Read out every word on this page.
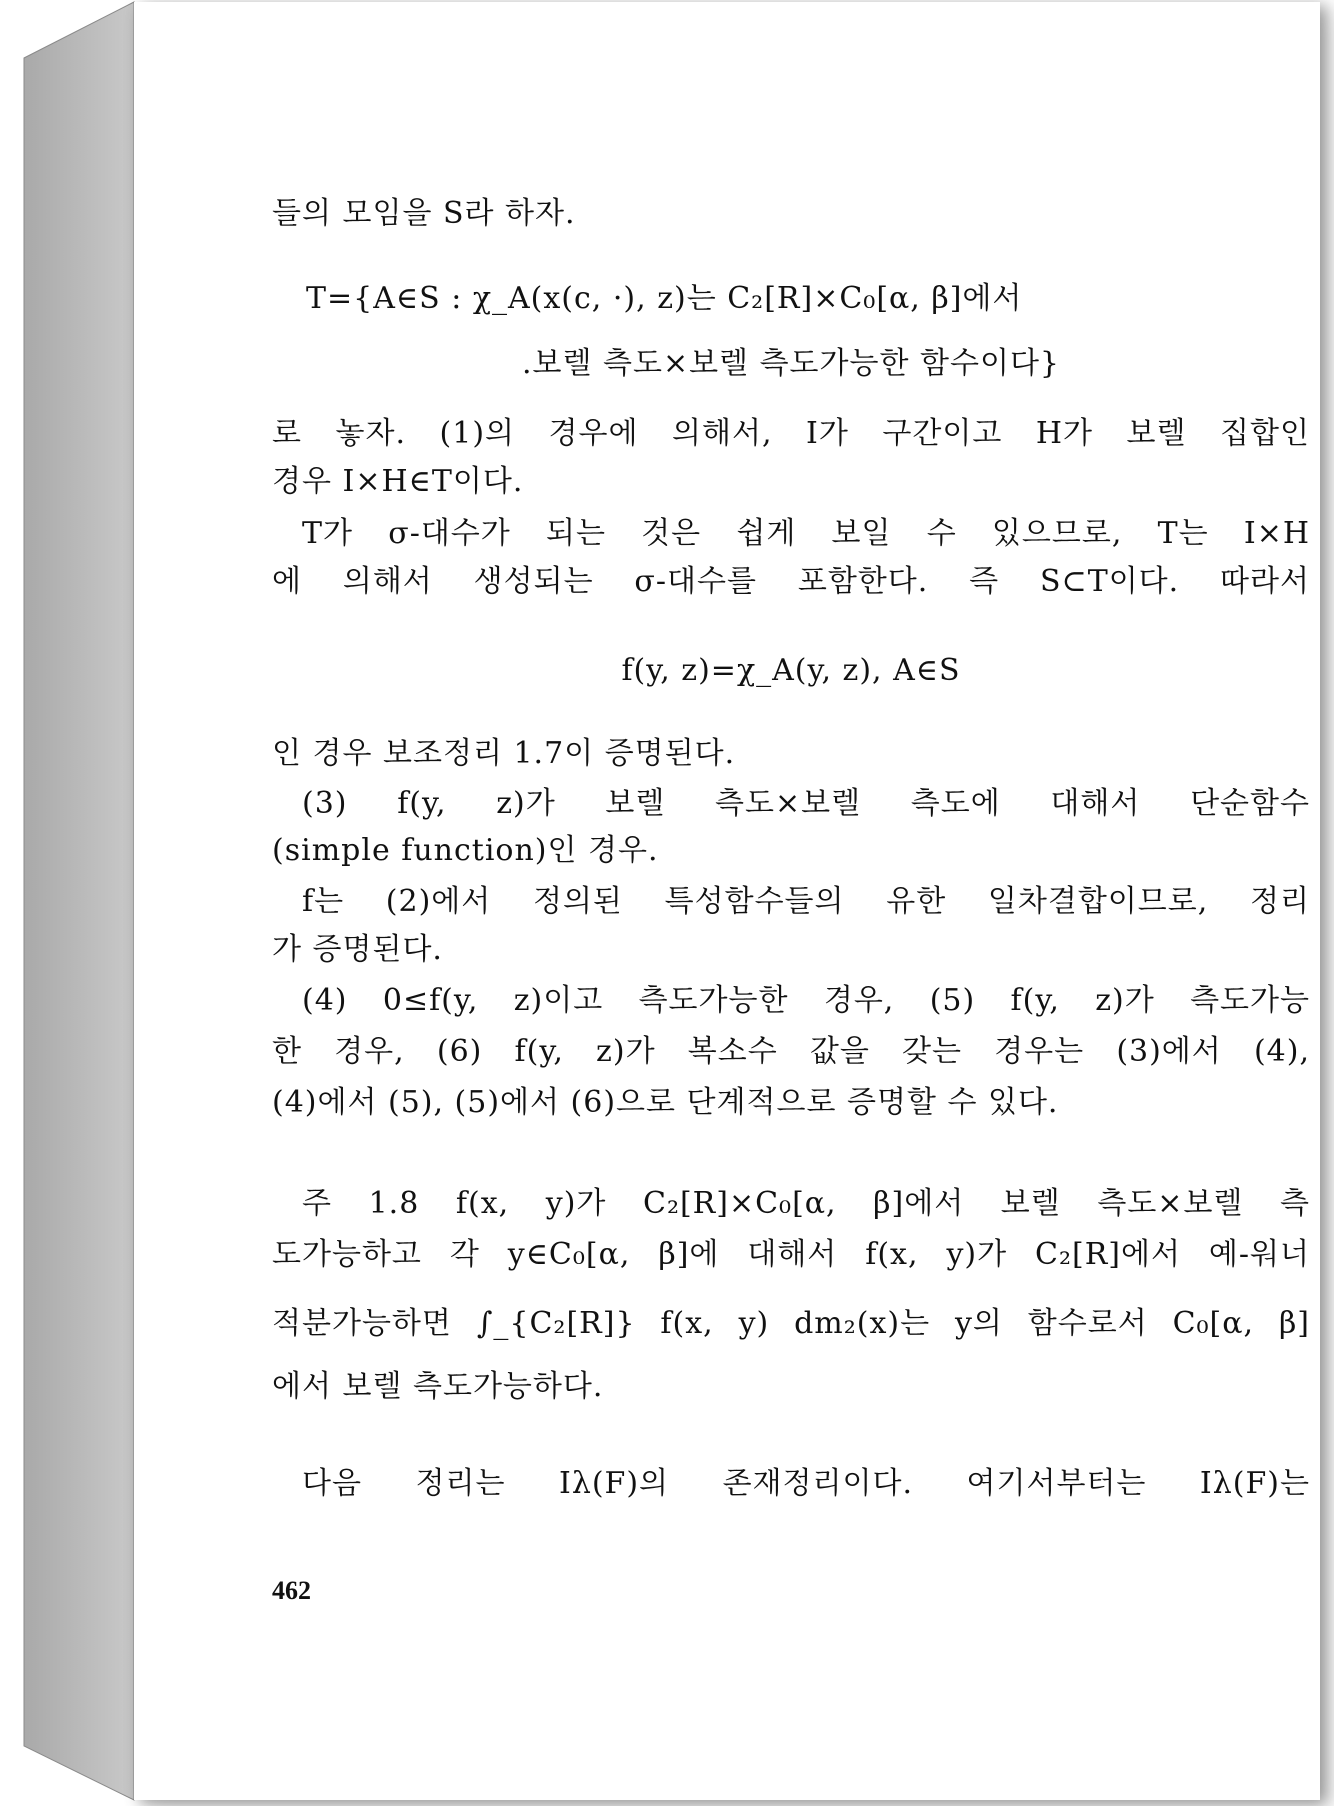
들의 모임을 S라 하자.
T={A∈S : χ_A(x(c, ·), z)는 C₂[R]×C₀[α, β]에서
.보렐 측도×보렐 측도가능한 함수이다}
로 놓자. (1)의 경우에 의해서, I가 구간이고 H가 보렐 집합인
경우 I×H∈T이다.
T가 σ-대수가 되는 것은 쉽게 보일 수 있으므로, T는 I×H
에 의해서 생성되는 σ-대수를 포함한다. 즉 S⊂T이다. 따라서
f(y, z)=χ_A(y, z), A∈S
인 경우 보조정리 1.7이 증명된다.
(3) f(y, z)가 보렐 측도×보렐 측도에 대해서 단순함수
(simple function)인 경우.
f는 (2)에서 정의된 특성함수들의 유한 일차결합이므로, 정리
가 증명된다.
(4) 0≤f(y, z)이고 측도가능한 경우, (5) f(y, z)가 측도가능
한 경우, (6) f(y, z)가 복소수 값을 갖는 경우는 (3)에서 (4),
(4)에서 (5), (5)에서 (6)으로 단계적으로 증명할 수 있다.
주 1.8 f(x, y)가 C₂[R]×C₀[α, β]에서 보렐 측도×보렐 측
도가능하고 각 y∈C₀[α, β]에 대해서 f(x, y)가 C₂[R]에서 예-워너
적분가능하면 ∫_{C₂[R]} f(x, y) dm₂(x)는 y의 함수로서 C₀[α, β]
에서 보렐 측도가능하다.
다음 정리는 Iλ(F)의 존재정리이다. 여기서부터는 Iλ(F)는
462
